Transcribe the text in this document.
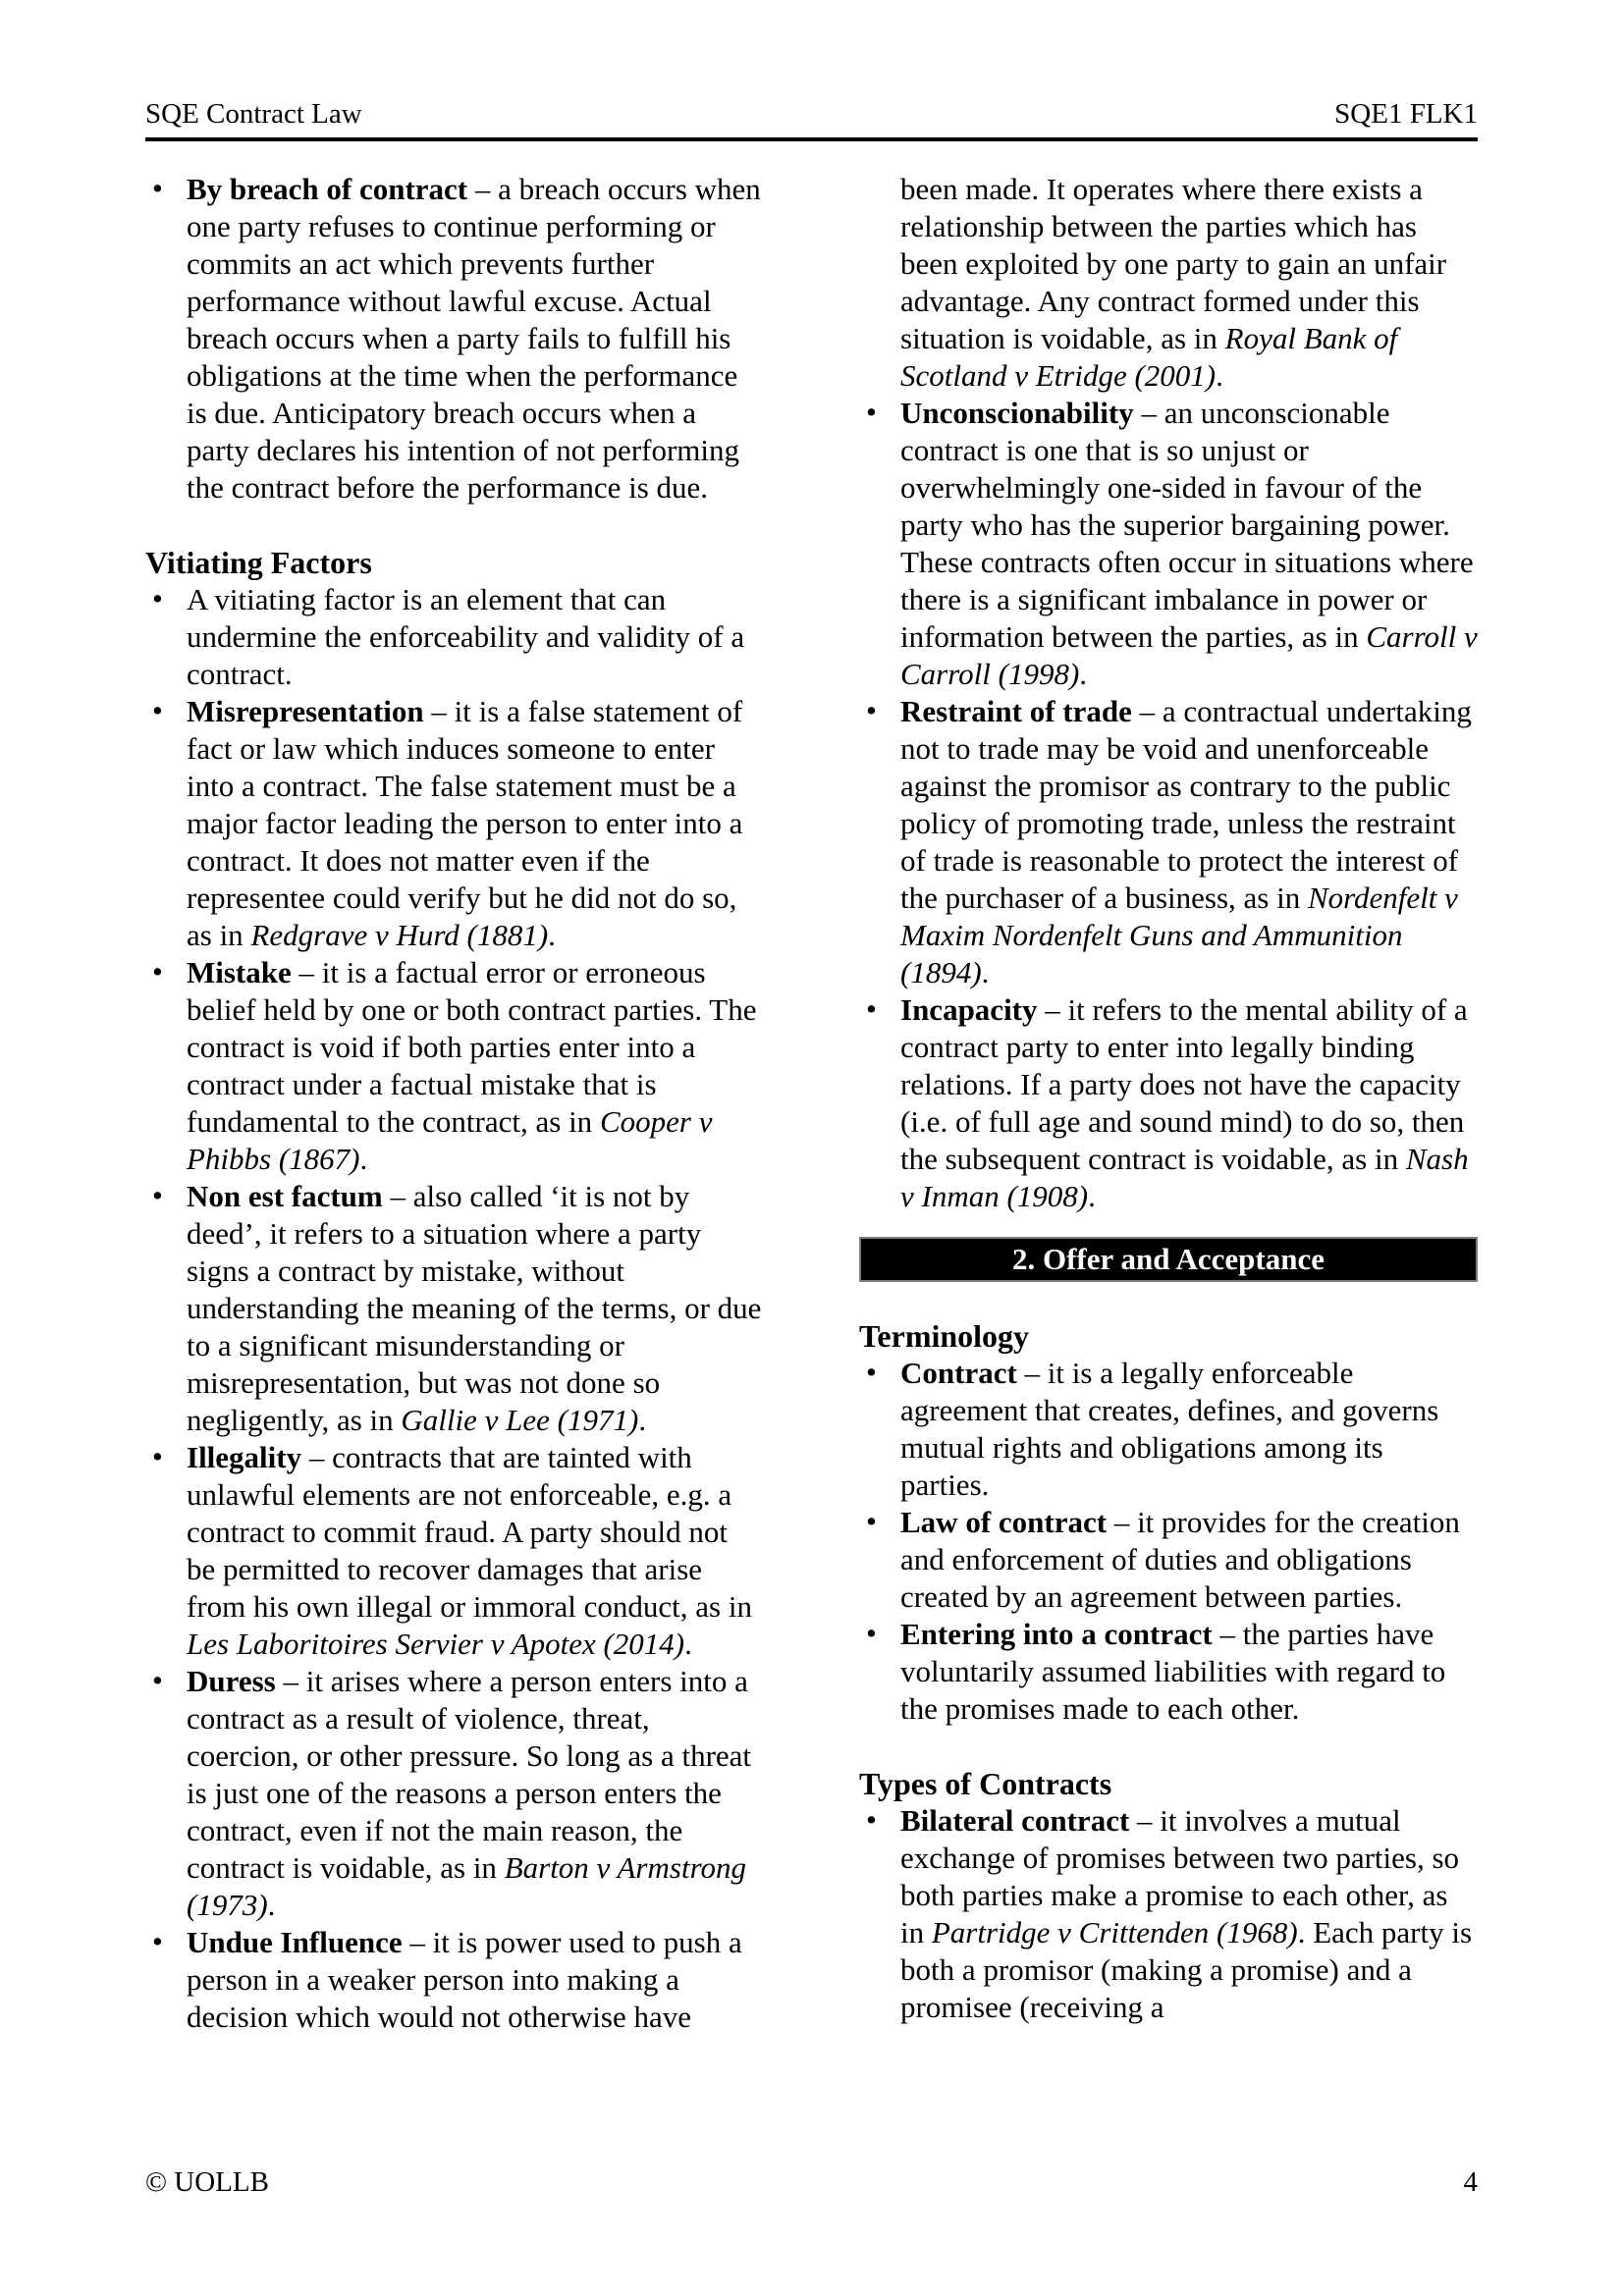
SQE Contract Law	SQE1 FLK1
• By breach of contract – a breach occurs when one party refuses to continue performing or commits an act which prevents further performance without lawful excuse. Actual breach occurs when a party fails to fulfill his obligations at the time when the performance is due. Anticipatory breach occurs when a party declares his intention of not performing the contract before the performance is due.
Vitiating Factors
• A vitiating factor is an element that can undermine the enforceability and validity of a contract.
• Misrepresentation – it is a false statement of fact or law which induces someone to enter into a contract. The false statement must be a major factor leading the person to enter into a contract. It does not matter even if the representee could verify but he did not do so, as in Redgrave v Hurd (1881).
• Mistake – it is a factual error or erroneous belief held by one or both contract parties. The contract is void if both parties enter into a contract under a factual mistake that is fundamental to the contract, as in Cooper v Phibbs (1867).
• Non est factum – also called ‘it is not by deed’, it refers to a situation where a party signs a contract by mistake, without understanding the meaning of the terms, or due to a significant misunderstanding or misrepresentation, but was not done so negligently, as in Gallie v Lee (1971).
• Illegality – contracts that are tainted with unlawful elements are not enforceable, e.g. a contract to commit fraud. A party should not be permitted to recover damages that arise from his own illegal or immoral conduct, as in Les Laboritoires Servier v Apotex (2014).
• Duress – it arises where a person enters into a contract as a result of violence, threat, coercion, or other pressure. So long as a threat is just one of the reasons a person enters the contract, even if not the main reason, the contract is voidable, as in Barton v Armstrong (1973).
• Undue Influence – it is power used to push a person in a weaker person into making a decision which would not otherwise have
been made. It operates where there exists a relationship between the parties which has been exploited by one party to gain an unfair advantage. Any contract formed under this situation is voidable, as in Royal Bank of Scotland v Etridge (2001).
• Unconscionability – an unconscionable contract is one that is so unjust or overwhelmingly one-sided in favour of the party who has the superior bargaining power. These contracts often occur in situations where there is a significant imbalance in power or information between the parties, as in Carroll v Carroll (1998).
• Restraint of trade – a contractual undertaking not to trade may be void and unenforceable against the promisor as contrary to the public policy of promoting trade, unless the restraint of trade is reasonable to protect the interest of the purchaser of a business, as in Nordenfelt v Maxim Nordenfelt Guns and Ammunition (1894).
• Incapacity – it refers to the mental ability of a contract party to enter into legally binding relations. If a party does not have the capacity (i.e. of full age and sound mind) to do so, then the subsequent contract is voidable, as in Nash v Inman (1908).
2. Offer and Acceptance
Terminology
• Contract – it is a legally enforceable agreement that creates, defines, and governs mutual rights and obligations among its parties.
• Law of contract – it provides for the creation and enforcement of duties and obligations created by an agreement between parties.
• Entering into a contract – the parties have voluntarily assumed liabilities with regard to the promises made to each other.
Types of Contracts
• Bilateral contract – it involves a mutual exchange of promises between two parties, so both parties make a promise to each other, as in Partridge v Crittenden (1968). Each party is both a promisor (making a promise) and a promisee (receiving a
© UOLLB	4
